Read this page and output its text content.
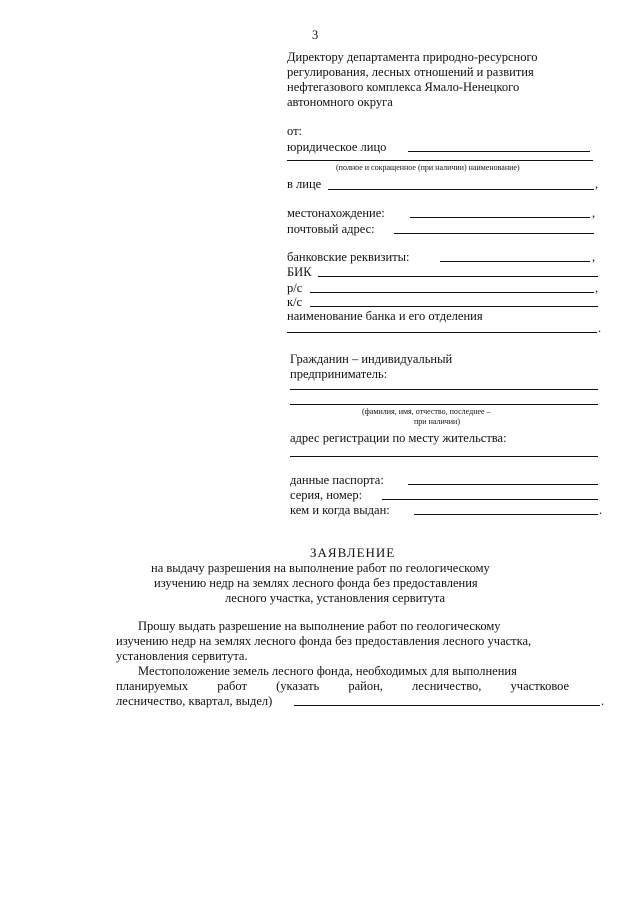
3
Директору департамента природно-ресурсного
регулирования, лесных отношений и развития
нефтегазового комплекса Ямало-Ненецкого
автономного округа
от:
юридическое лицо
(полное и сокращенное (при наличии) наименование)
в лице	,
местонахождение:	,
почтовый адрес:
банковские реквизиты:	,
БИК
р/с	,
к/с
наименование банка и его отделения
.
Гражданин – индивидуальный
предприниматель:
(фамилия, имя, отчество, последнее –
при наличии)
адрес регистрации по месту жительства:
данные паспорта:
серия, номер:
кем и когда выдан:	.
ЗАЯВЛЕНИЕ
на выдачу разрешения на выполнение работ по геологическому
изучению недр на землях лесного фонда без предоставления
лесного участка, установления сервитута
Прошу выдать разрешение на выполнение работ по геологическому
изучению недр на землях лесного фонда без предоставления лесного участка,
установления сервитута.
Местоположение земель лесного фонда, необходимых для выполнения
планируемых работ (указать район, лесничество, участковое
лесничество, квартал, выдел)	.
